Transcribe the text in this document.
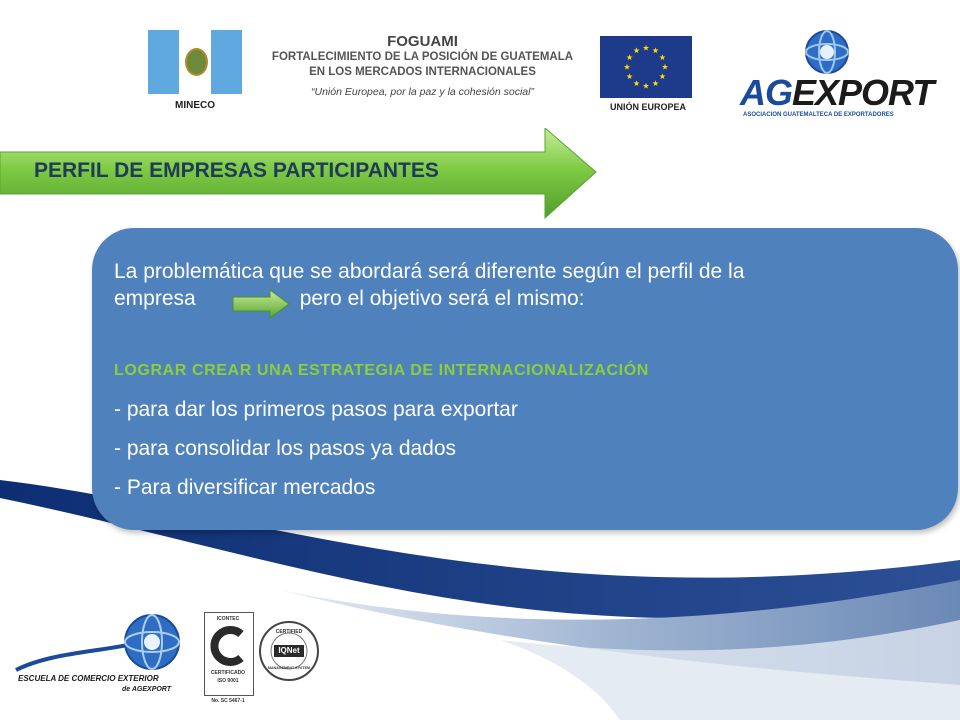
MINECO
FOGUAMI
FORTALECIMIENTO DE LA POSICIÓN DE GUATEMALA
EN LOS MERCADOS INTERNACIONALES
“Unión Europea, por la paz y la cohesión social”
UNIÓN EUROPEA AGEXPORT
ASOCIACION GUATEMALTECA DE EXPORTADORES
PERFIL DE EMPRESAS PARTICIPANTES
La problemática que se abordará será diferente según el perfil de la
empresa	pero el objetivo será el mismo:
LOGRAR CREAR UNA ESTRATEGIA DE INTERNACIONALIZACIÓN
- para dar los primeros pasos para exportar
- para consolidar los pasos ya dados
- Para diversificar mercados
ESCUELA DE COMERCIO EXTERIOR
de AGEXPORT
ICONTEC
CERTIFICADO
ISO 9001
No. SC 5467-1
CERTIFIED
IQNet
MANAGEMENT SYSTEM
